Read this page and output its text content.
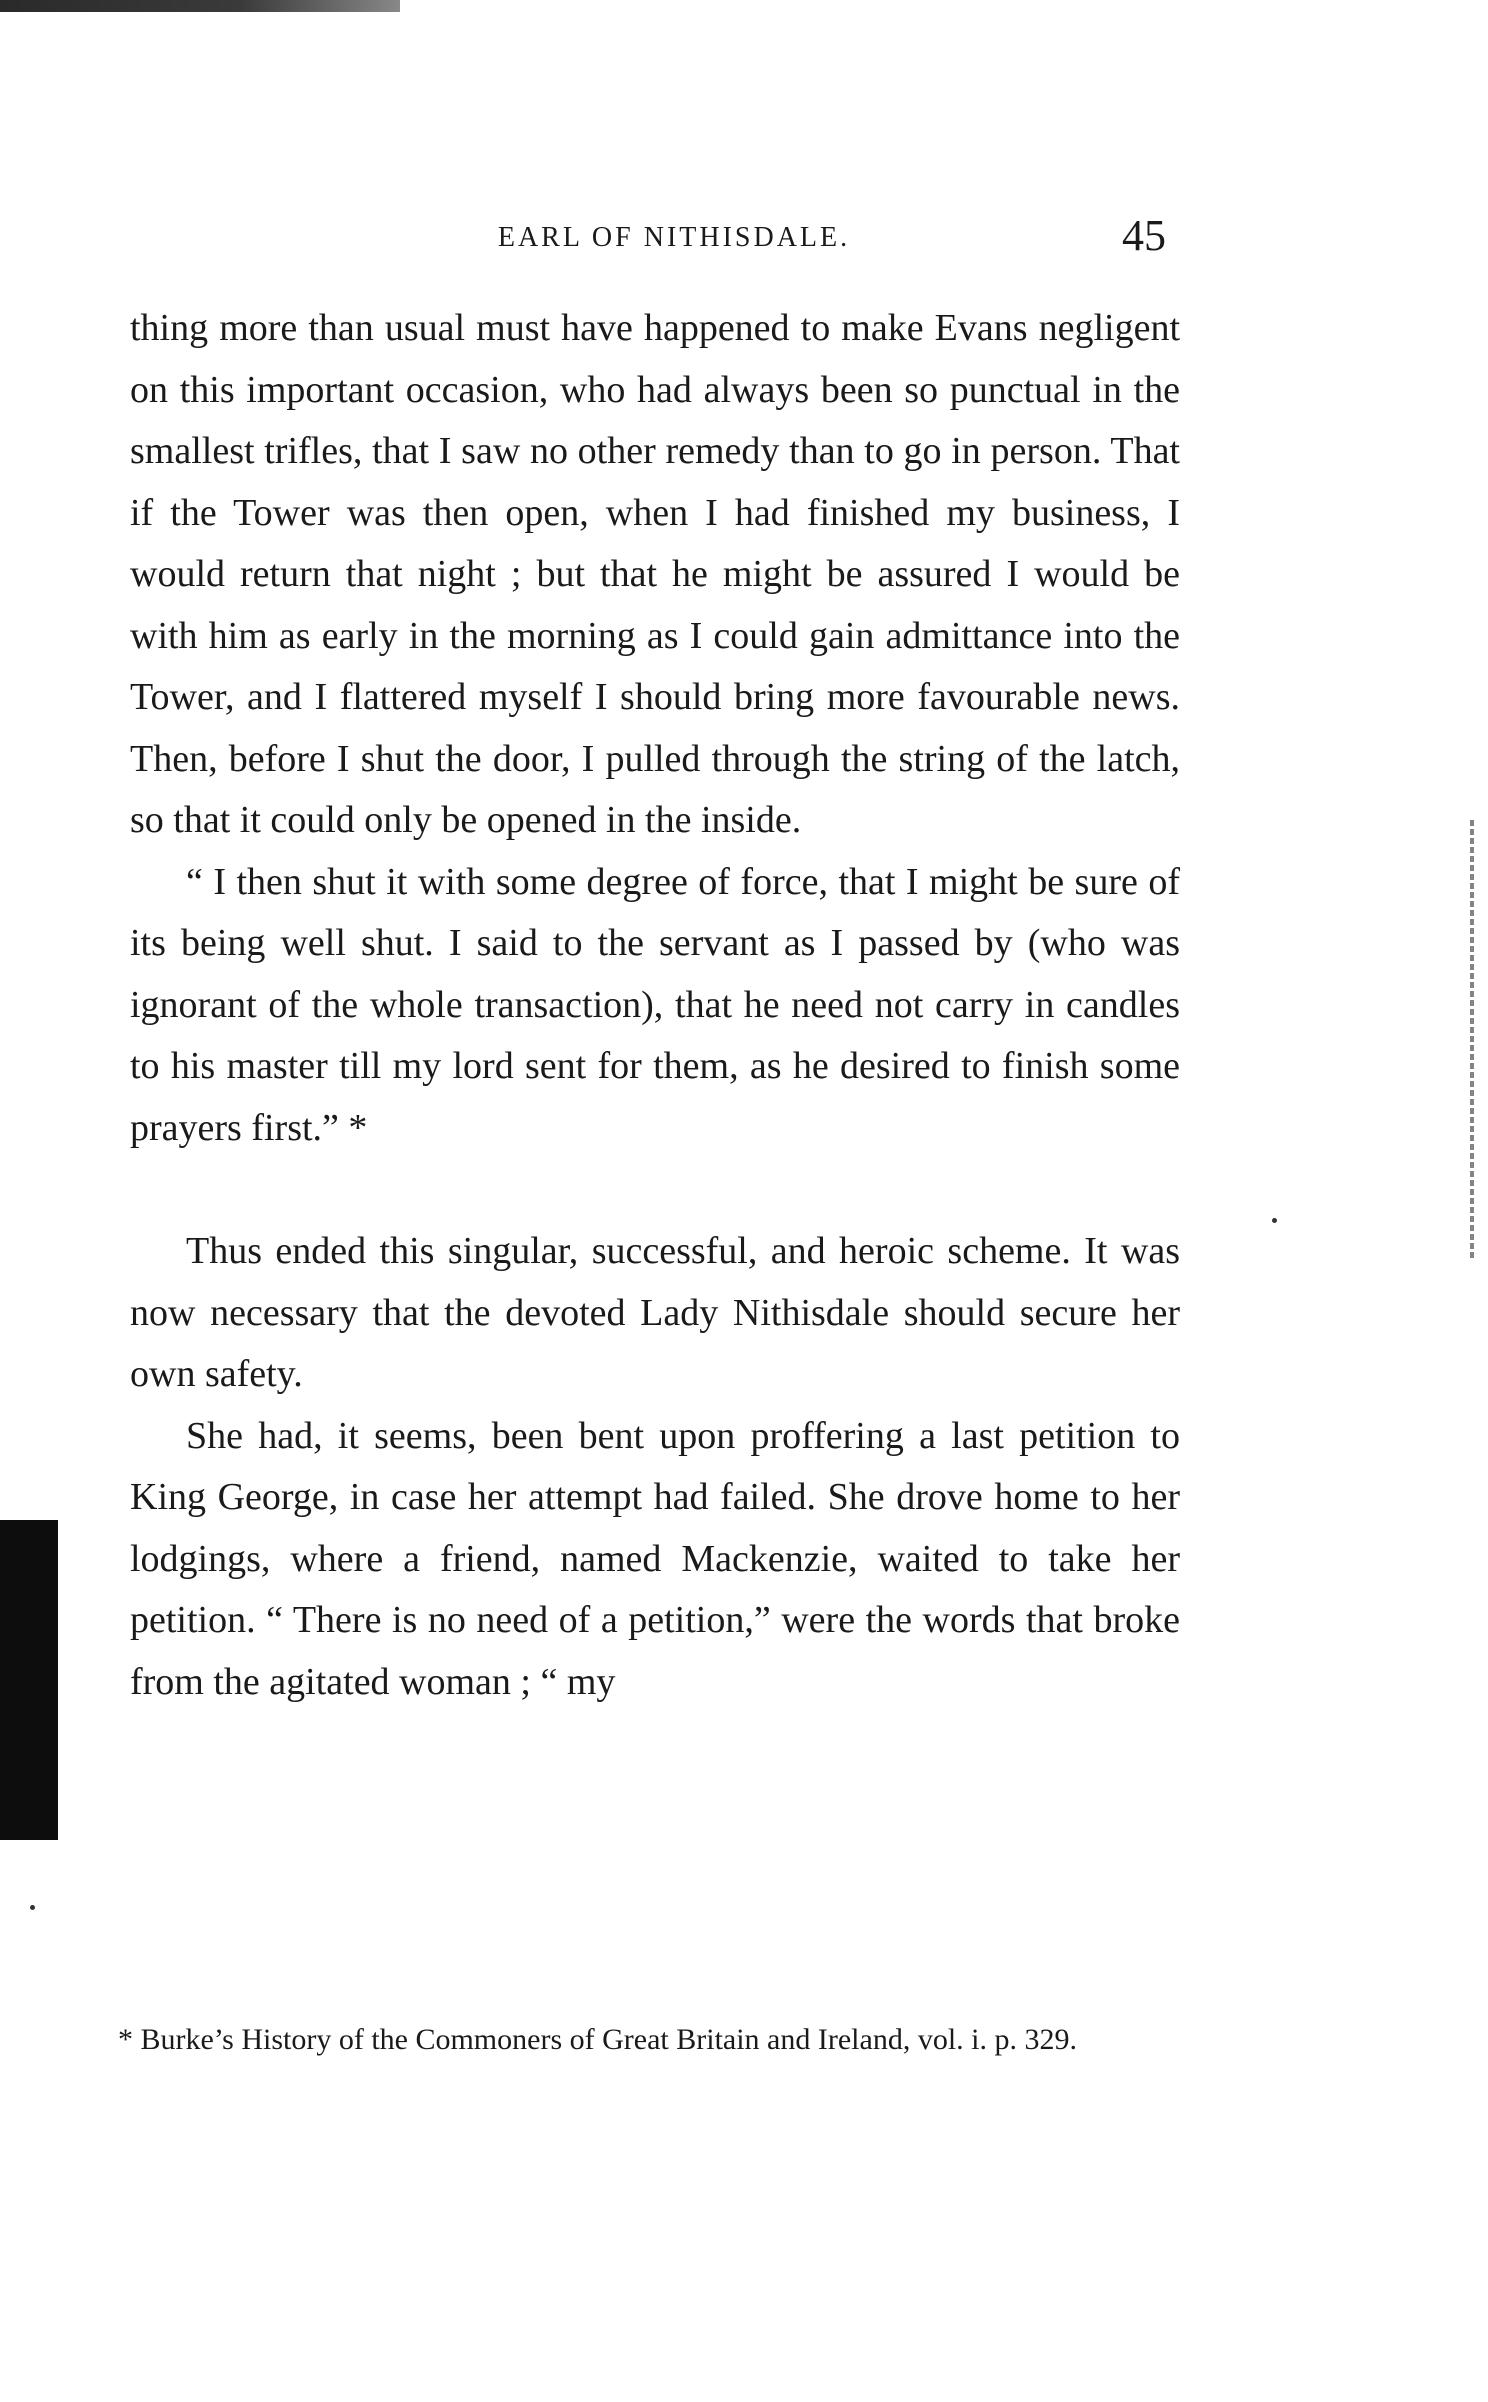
EARL OF NITHISDALE.	45

thing more than usual must have happened to make Evans negligent on this important occasion, who had always been so punctual in the smallest trifles, that I saw no other remedy than to go in person. That if the Tower was then open, when I had finished my business, I would return that night ; but that he might be assured I would be with him as early in the morning as I could gain admittance into the Tower, and I flattered myself I should bring more favourable news. Then, before I shut the door, I pulled through the string of the latch, so that it could only be opened in the inside.

“ I then shut it with some degree of force, that I might be sure of its being well shut. I said to the servant as I passed by (who was ignorant of the whole transaction), that he need not carry in candles to his master till my lord sent for them, as he desired to finish some prayers first.” *

Thus ended this singular, successful, and heroic scheme. It was now necessary that the devoted Lady Nithisdale should secure her own safety.

She had, it seems, been bent upon proffering a last petition to King George, in case her attempt had failed. She drove home to her lodgings, where a friend, named Mackenzie, waited to take her petition. “ There is no need of a petition,” were the words that broke from the agitated woman ; “ my

* Burke’s History of the Commoners of Great Britain and Ireland, vol. i. p. 329.
